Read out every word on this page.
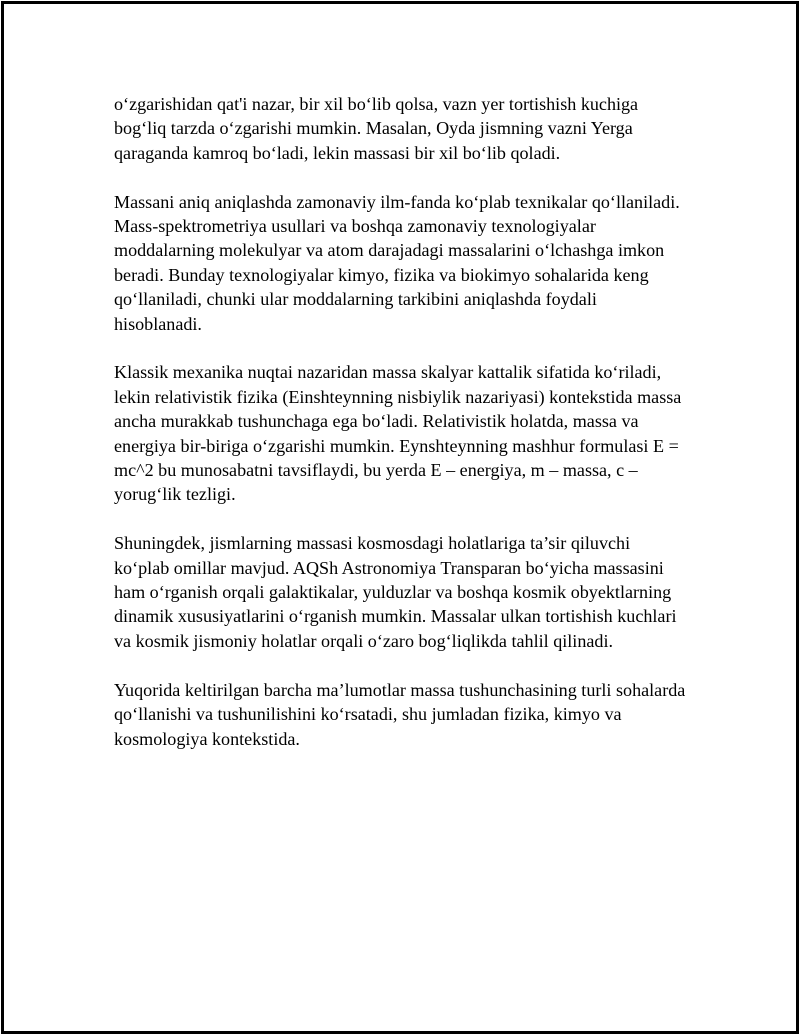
o‘zgarishidan qat'i nazar, bir xil bo‘lib qolsa, vazn yer tortishish kuchiga bog‘liq tarzda o‘zgarishi mumkin. Masalan, Oyda jismning vazni Yerga qaraganda kamroq bo‘ladi, lekin massasi bir xil bo‘lib qoladi.

Massani aniq aniqlashda zamonaviy ilm-fanda ko‘plab texnikalar qo‘llaniladi. Mass-spektrometriya usullari va boshqa zamonaviy texnologiyalar moddalarning molekulyar va atom darajadagi massalarini o‘lchashga imkon beradi. Bunday texnologiyalar kimyo, fizika va biokimyo sohalarida keng qo‘llaniladi, chunki ular moddalarning tarkibini aniqlashda foydali hisoblanadi.

Klassik mexanika nuqtai nazaridan massa skalyar kattalik sifatida ko‘riladi, lekin relativistik fizika (Einshteynning nisbiylik nazariyasi) kontekstida massa ancha murakkab tushunchaga ega bo‘ladi. Relativistik holatda, massa va energiya bir-biriga o‘zgarishi mumkin. Eynshteynning mashhur formulasi E = mc^2 bu munosabatni tavsiflaydi, bu yerda E – energiya, m – massa, c – yorug‘lik tezligi.

Shuningdek, jismlarning massasi kosmosdagi holatlariga ta’sir qiluvchi ko‘plab omillar mavjud. AQSh Astronomiya Transparan bo‘yicha massasini ham o‘rganish orqali galaktikalar, yulduzlar va boshqa kosmik obyektlarning dinamik xususiyatlarini o‘rganish mumkin. Massalar ulkan tortishish kuchlari va kosmik jismoniy holatlar orqali o‘zaro bog‘liqlikda tahlil qilinadi.

Yuqorida keltirilgan barcha ma’lumotlar massa tushunchasining turli sohalarda qo‘llanishi va tushunilishini ko‘rsatadi, shu jumladan fizika, kimyo va kosmologiya kontekstida.
